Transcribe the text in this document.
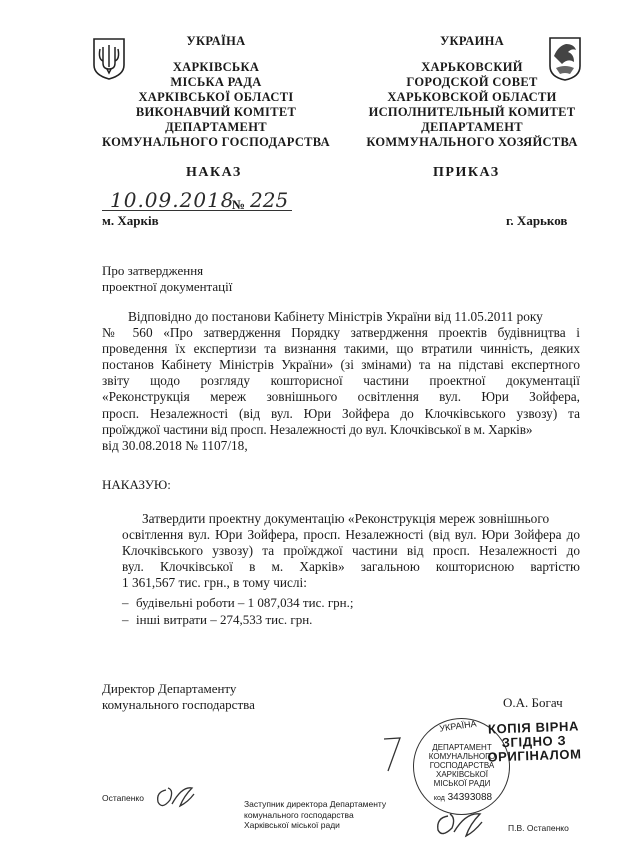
УКРАЇНА
ХАРКІВСЬКА
МІСЬКА РАДА
ХАРКІВСЬКОЇ ОБЛАСТІ
ВИКОНАВЧИЙ КОМІТЕТ
ДЕПАРТАМЕНТ
КОМУНАЛЬНОГО ГОСПОДАРСТВА
НАКАЗ
УКРАИНА
ХАРЬКОВСКИЙ
ГОРОДСКОЙ СОВЕТ
ХАРЬКОВСКОЙ ОБЛАСТИ
ИСПОЛНИТЕЛЬНЫЙ КОМИТЕТ
ДЕПАРТАМЕНТ
КОММУНАЛЬНОГО ХОЗЯЙСТВА
ПРИКАЗ
10.09.2018
№ 225
м. Харків	г. Харьков
Про затвердження
проектної документації
Відповідно до постанови Кабінету Міністрів України від 11.05.2011 року
№ 560 «Про затвердження Порядку затвердження проектів будівництва і
проведення їх експертизи та визнання такими, що втратили чинність, деяких
постанов Кабінету Міністрів України» (зі змінами) та на підставі експертного
звіту щодо розгляду кошторисної частини проектної документації
«Реконструкція мереж зовнішнього освітлення вул. Юри Зойфера,
просп. Незалежності (від вул. Юри Зойфера до Клочківського узвозу) та
проїжджої частини від просп. Незалежності до вул. Клочківської в м. Харків»
від 30.08.2018 № 1107/18,
НАКАЗУЮ:
Затвердити проектну документацію «Реконструкція мереж зовнішнього
освітлення вул. Юри Зойфера, просп. Незалежності (від вул. Юри Зойфера до
Клочківського узвозу) та проїжджої частини від просп. Незалежності до
вул. Клочківської в м. Харків» загальною кошторисною вартістю
1 361,567 тис. грн., в тому числі:
– будівельні роботи – 1 087,034 тис. грн.;
– інші витрати – 274,533 тис. грн.
Директор Департаменту
комунального господарства	О.А. Богач
УКРАЇНА
ДЕПАРТАМЕНТ
КОМУНАЛЬНОГО
ГОСПОДАРСТВА
ХАРКІВСЬКОЇ
МІСЬКОЇ РАДИ
код 34393088
КОПІЯ ВІРНА
ЗГІДНО З
ОРИГІНАЛОМ
Остапенко
Заступник директора Департаменту
комунального господарства
Харківської міської ради	П.В. Остапенко
